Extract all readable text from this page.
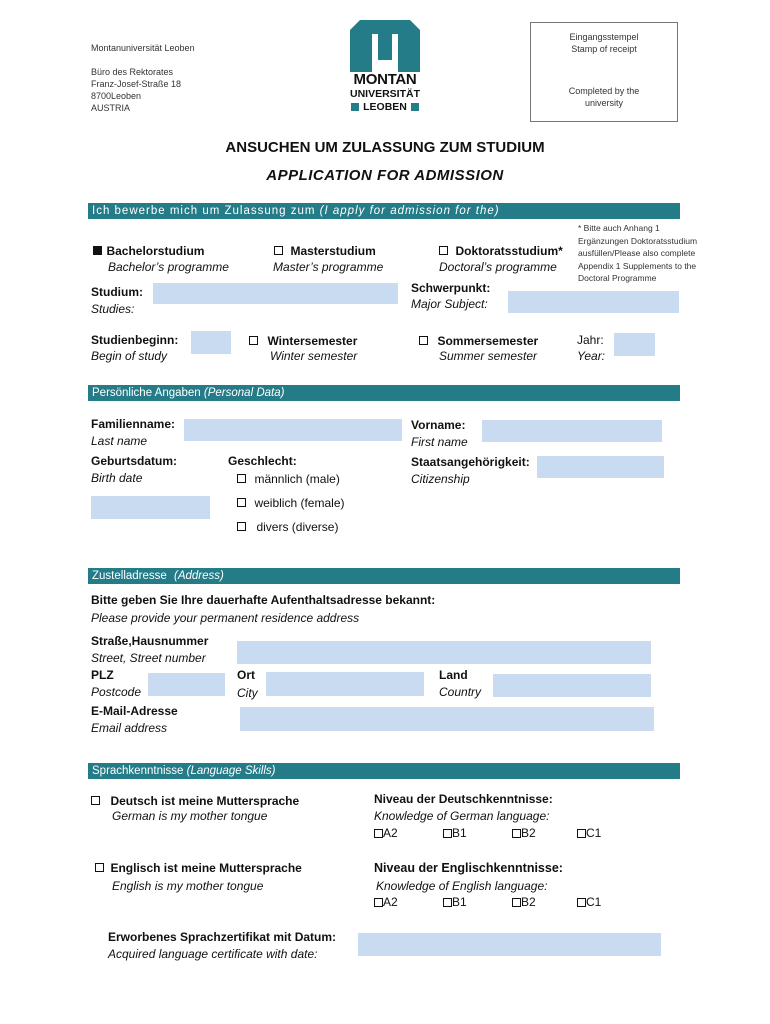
Montanuniversität Leoben
Büro des Rektorates
Franz-Josef-Straße 18
8700Leoben
AUSTRIA
MONTAN
UNIVERSITÄT
LEOBEN
Eingangsstempel
Stamp of receipt
Completed by the
university
ANSUCHEN UM ZULASSUNG ZUM STUDIUM
APPLICATION FOR ADMISSION
Ich bewerbe mich um Zulassung zum (I apply for admission for the)
* Bitte auch Anhang 1
Ergänzungen Doktoratsstudium
ausfüllen/Please also complete
Appendix 1 Supplements to the
Doctoral Programme
Bachelorstudium
Bachelor’s programme
Masterstudium
Master’s programme
Doktoratsstudium*
Doctoral’s programme
Studium:
Studies:
Schwerpunkt:
Major Subject:
Studienbeginn:
Begin of study
Wintersemester
Winter semester
Sommersemester
Summer semester
Jahr:
Year:
Persönliche Angaben (Personal Data)
Familienname:
Last name
Vorname:
First name
Geburtsdatum:
Birth date
Geschlecht:
männlich (male)
weiblich (female)
divers (diverse)
Staatsangehörigkeit:
Citizenship
Zustelladresse (Address)
Bitte geben Sie Ihre dauerhafte Aufenthaltsadresse bekannt:
Please provide your permanent residence address
Straße,Hausnummer
Street, Street number
PLZ
Postcode
Ort
City
Land
Country
E-Mail-Adresse
Email address
Sprachkenntnisse (Language Skills)
Deutsch ist meine Muttersprache
German is my mother tongue
Niveau der Deutschkenntnisse:
Knowledge of German language:
A2	B1	B2	C1
Englisch ist meine Muttersprache
English is my mother tongue
Niveau der Englischkenntnisse:
Knowledge of English language:
A2	B1	B2	C1
Erworbenes Sprachzertifikat mit Datum:
Acquired language certificate with date:
